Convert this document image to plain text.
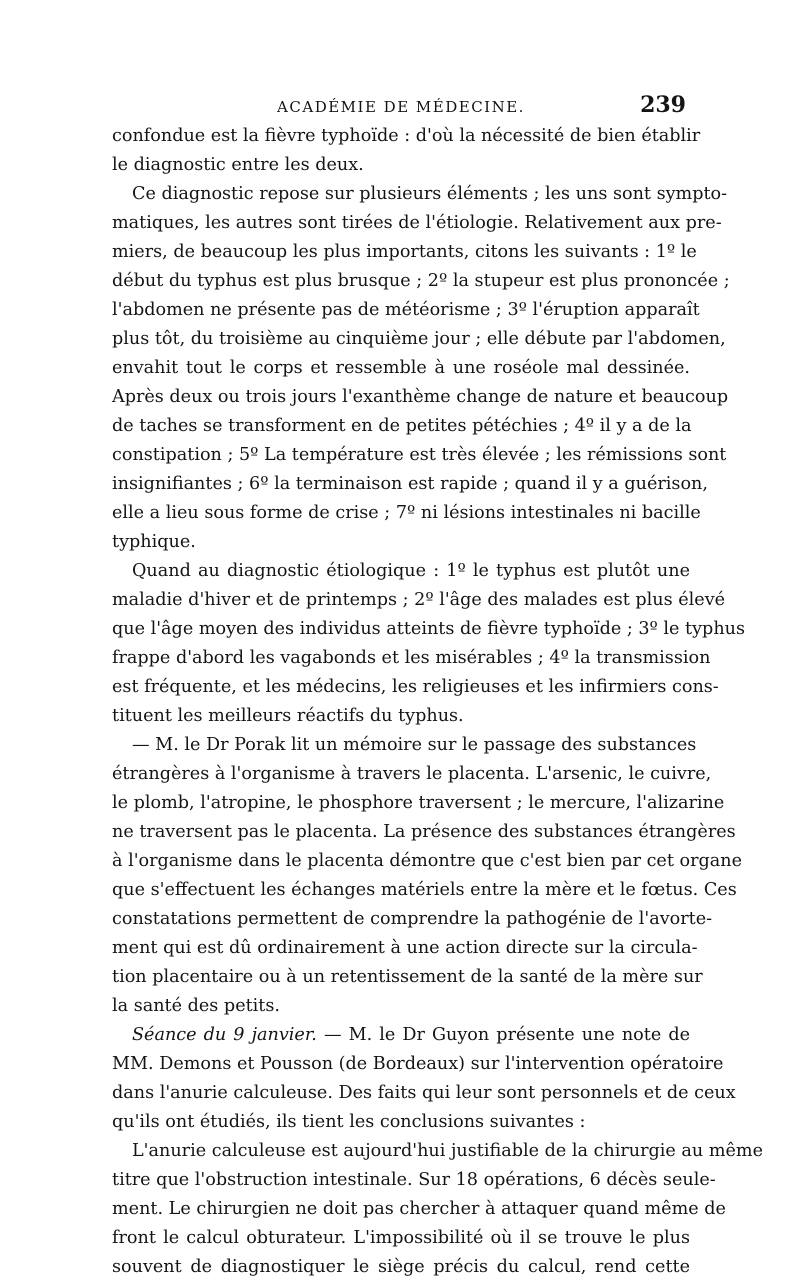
ACADÉMIE DE MÉDECINE.	239
confondue est la fièvre typhoïde : d'où la nécessité de bien établir
le diagnostic entre les deux.
Ce diagnostic repose sur plusieurs éléments ; les uns sont sympto-
matiques, les autres sont tirées de l'étiologie. Relativement aux pre-
miers, de beaucoup les plus importants, citons les suivants : 1º le
début du typhus est plus brusque ; 2º la stupeur est plus prononcée ;
l'abdomen ne présente pas de météorisme ; 3º l'éruption apparaît
plus tôt, du troisième au cinquième jour ; elle débute par l'abdomen,
envahit tout le corps et ressemble à une roséole mal dessinée.
Après deux ou trois jours l'exanthème change de nature et beaucoup
de taches se transforment en de petites pétéchies ; 4º il y a de la
constipation ; 5º La température est très élevée ; les rémissions sont
insignifiantes ; 6º la terminaison est rapide ; quand il y a guérison,
elle a lieu sous forme de crise ; 7º ni lésions intestinales ni bacille
typhique.
Quand au diagnostic étiologique : 1º le typhus est plutôt une
maladie d'hiver et de printemps ; 2º l'âge des malades est plus élevé
que l'âge moyen des individus atteints de fièvre typhoïde ; 3º le typhus
frappe d'abord les vagabonds et les misérables ; 4º la transmission
est fréquente, et les médecins, les religieuses et les infirmiers cons-
tituent les meilleurs réactifs du typhus.
— M. le Dr Porak lit un mémoire sur le passage des substances
étrangères à l'organisme à travers le placenta. L'arsenic, le cuivre,
le plomb, l'atropine, le phosphore traversent ; le mercure, l'alizarine
ne traversent pas le placenta. La présence des substances étrangères
à l'organisme dans le placenta démontre que c'est bien par cet organe
que s'effectuent les échanges matériels entre la mère et le fœtus. Ces
constatations permettent de comprendre la pathogénie de l'avorte-
ment qui est dû ordinairement à une action directe sur la circula-
tion placentaire ou à un retentissement de la santé de la mère sur
la santé des petits.
Séance du 9 janvier. — M. le Dr Guyon présente une note de
MM. Demons et Pousson (de Bordeaux) sur l'intervention opératoire
dans l'anurie calculeuse. Des faits qui leur sont personnels et de ceux
qu'ils ont étudiés, ils tient les conclusions suivantes :
L'anurie calculeuse est aujourd'hui justifiable de la chirurgie au même
titre que l'obstruction intestinale. Sur 18 opérations, 6 décès seule-
ment. Le chirurgien ne doit pas chercher à attaquer quand même de
front le calcul obturateur. L'impossibilité où il se trouve le plus
souvent de diagnostiquer le siège précis du calcul, rend cette
